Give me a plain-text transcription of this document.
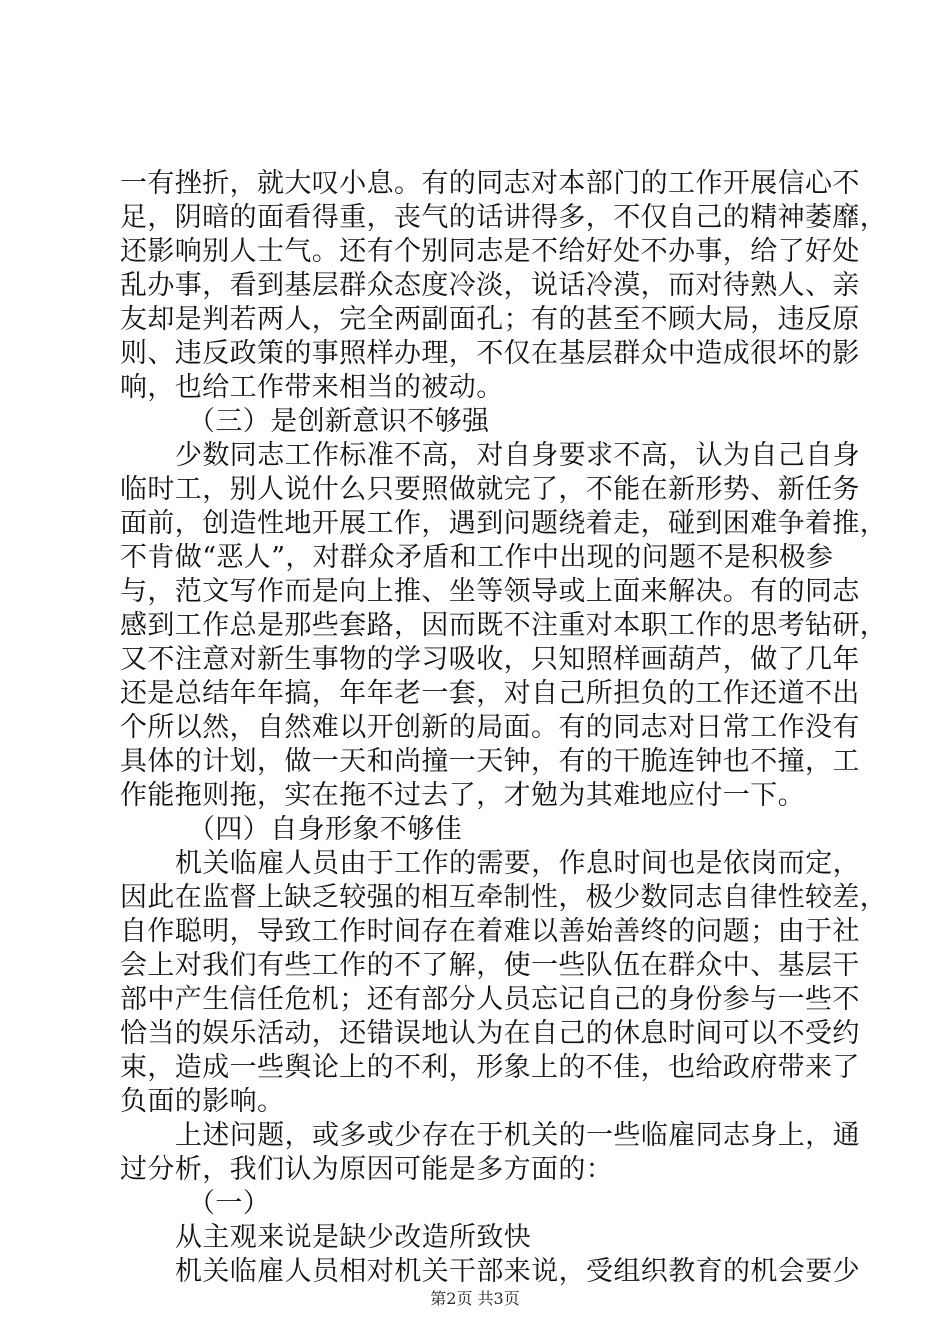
一有挫折，就大叹小息。有的同志对本部门的工作开展信心不
足，阴暗的面看得重，丧气的话讲得多，不仅自己的精神萎靡，
还影响别人士气。还有个别同志是不给好处不办事，给了好处
乱办事，看到基层群众态度冷淡，说话冷漠，而对待熟人、亲
友却是判若两人，完全两副面孔；有的甚至不顾大局，违反原
则、违反政策的事照样办理，不仅在基层群众中造成很坏的影
响，也给工作带来相当的被动。
（三）是创新意识不够强
少数同志工作标准不高，对自身要求不高，认为自己自身
临时工，别人说什么只要照做就完了，不能在新形势、新任务
面前，创造性地开展工作，遇到问题绕着走，碰到困难争着推，
不肯做“恶人”，对群众矛盾和工作中出现的问题不是积极参
与，范文写作而是向上推、坐等领导或上面来解决。有的同志
感到工作总是那些套路，因而既不注重对本职工作的思考钻研，
又不注意对新生事物的学习吸收，只知照样画葫芦，做了几年
还是总结年年搞，年年老一套，对自己所担负的工作还道不出
个所以然，自然难以开创新的局面。有的同志对日常工作没有
具体的计划，做一天和尚撞一天钟，有的干脆连钟也不撞，工
作能拖则拖，实在拖不过去了，才勉为其难地应付一下。
（四）自身形象不够佳
机关临雇人员由于工作的需要，作息时间也是依岗而定，
因此在监督上缺乏较强的相互牵制性，极少数同志自律性较差，
自作聪明，导致工作时间存在着难以善始善终的问题；由于社
会上对我们有些工作的不了解，使一些队伍在群众中、基层干
部中产生信任危机；还有部分人员忘记自己的身份参与一些不
恰当的娱乐活动，还错误地认为在自己的休息时间可以不受约
束，造成一些舆论上的不利，形象上的不佳，也给政府带来了
负面的影响。
上述问题，或多或少存在于机关的一些临雇同志身上，通
过分析，我们认为原因可能是多方面的：
（一）
从主观来说是缺少改造所致快
机关临雇人员相对机关干部来说，受组织教育的机会要少
第2页 共3页
